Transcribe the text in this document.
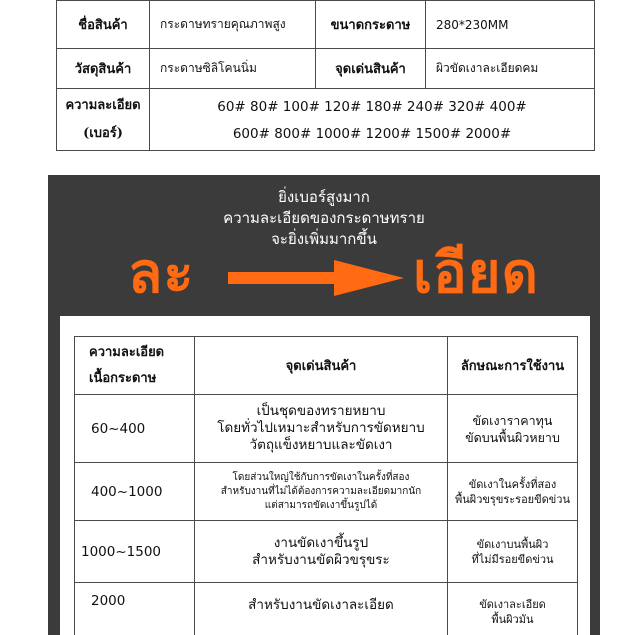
ชื่อสินค้า	กระดาษทรายคุณภาพสูง	ขนาดกระดาษ	280*230MM
วัสดุสินค้า	กระดาษซิลิโคนนิ่ม	จุดเด่นสินค้า	ผิวขัดเงาละเอียดคม

ความละเอียด
(เบอร์)	60# 80# 100# 120# 180# 240# 320# 400#
600# 800# 1000# 1200# 1500# 2000#		
ยิ่งเบอร์สูงมาก
ความละเอียดของกระดาษทราย
จะยิ่งเพิ่มมากขึ้น
ละ	เอียด
ความละเอียด
เนื้อกระดาษ	จุดเด่นสินค้า	ลักษณะการใช้งาน
60~400	เป็นชุดของทรายหยาบ
โดยทั่วไปเหมาะสำหรับการขัดหยาบ
วัตถุแข็งหยาบและขัดเงา	ขัดเงาราคาทุน
ขัดบนพื้นผิวหยาบ

400~1000	โดยส่วนใหญ่ใช้กับการขัดเงาในครั้งที่สอง
สำหรับงานที่ไม่ได้ต้องการความละเอียดมากนัก
แต่สามารถขัดเงาขึ้นรูปได้	ขัดเงาในครั้งที่สอง
พื้นผิวขรุขระรอยขีดข่วน

1000~1500	งานขัดเงาขึ้นรูป
สำหรับงานขัดผิวขรุขระ	ขัดเงาบนพื้นผิว
ที่ไม่มีรอยขีดข่วน

2000	สำหรับงานขัดเงาละเอียด	ขัดเงาละเอียด
พื้นผิวมัน
